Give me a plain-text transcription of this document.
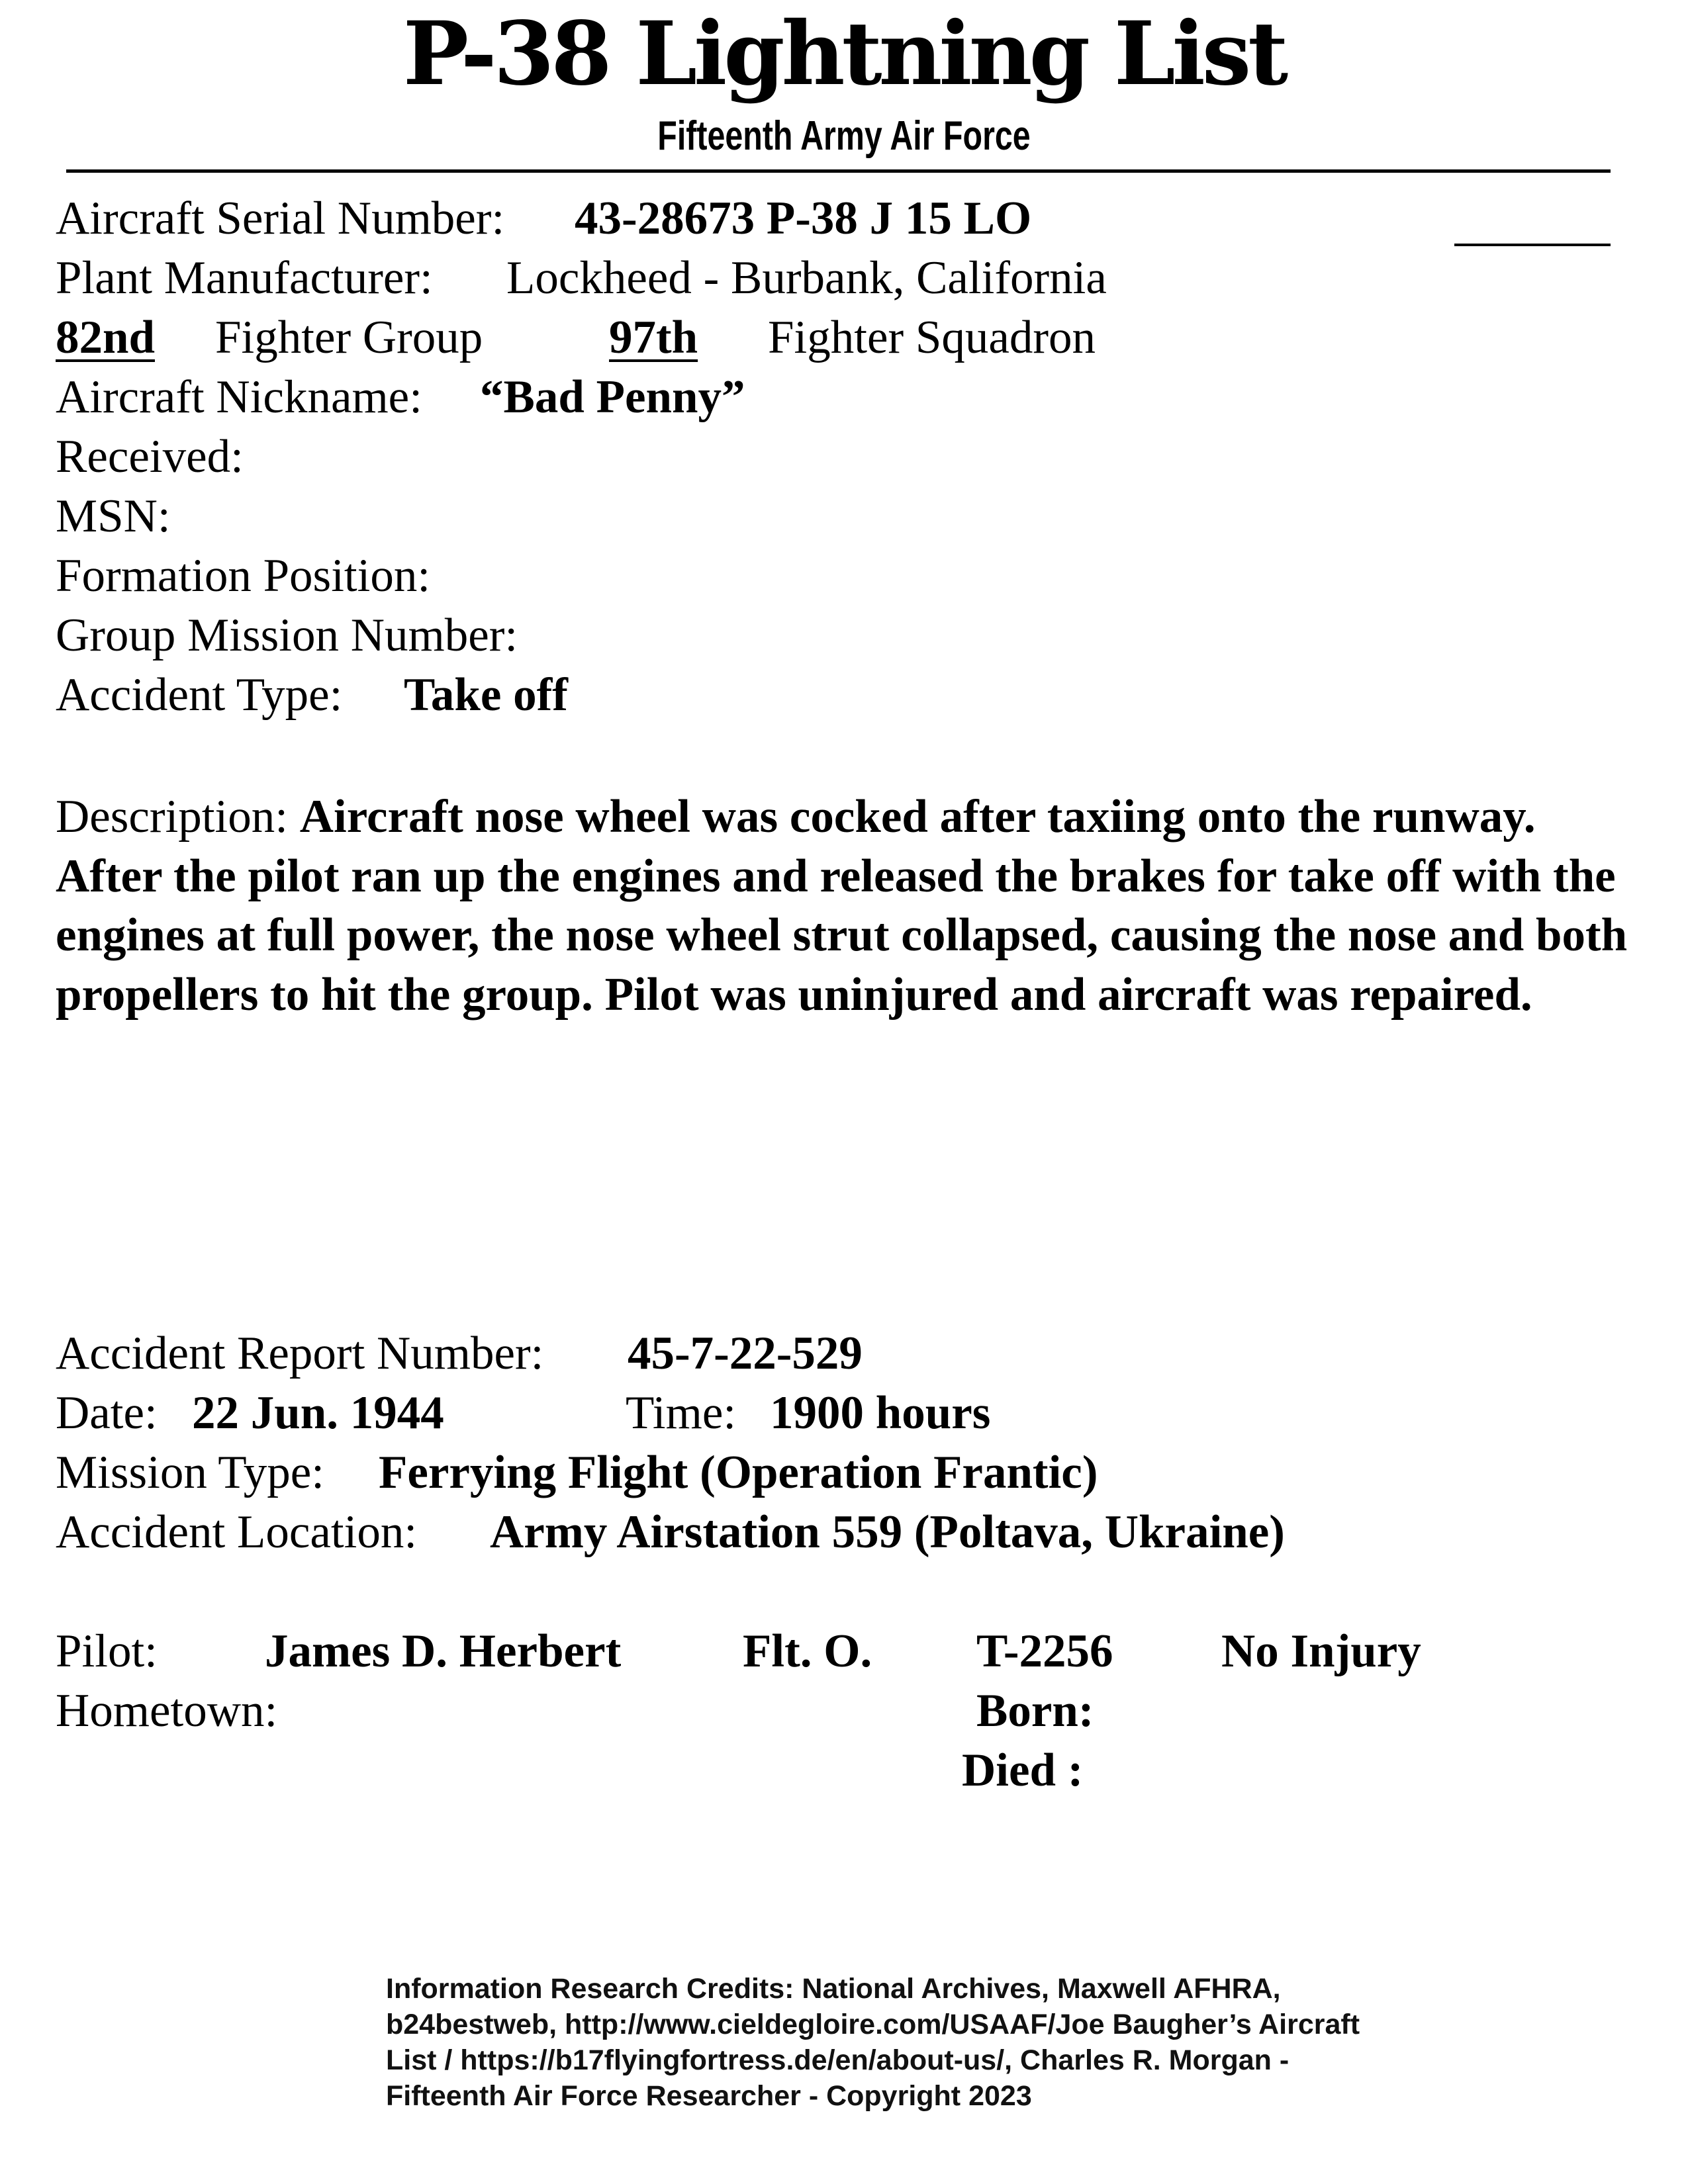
P-38 Lightning List
Fifteenth Army Air Force
Aircraft Serial Number: 43-28673 P-38 J 15 LO
Plant Manufacturer: Lockheed - Burbank, California
82nd	Fighter Group	97th	Fighter Squadron
Aircraft Nickname: “Bad Penny”
Received:
MSN:
Formation Position:
Group Mission Number:
Accident Type: Take off
Description: Aircraft nose wheel was cocked after taxiing onto the runway. After the pilot ran up the engines and released the brakes for take off with the engines at full power, the nose wheel strut collapsed, causing the nose and both propellers to hit the group. Pilot was uninjured and aircraft was repaired.
Accident Report Number: 45-7-22-529
Date: 22 Jun. 1944	Time: 1900 hours
Mission Type: Ferrying Flight (Operation Frantic)
Accident Location: Army Airstation 559 (Poltava, Ukraine)
Pilot: James D. Herbert	Flt. O. T-2256 No Injury
Hometown:	Born:
Died :
Information Research Credits: National Archives, Maxwell AFHRA, b24bestweb, http://www.cieldegloire.com/USAAF/Joe Baugher’s Aircraft List / https://b17flyingfortress.de/en/about-us/, Charles R. Morgan - Fifteenth Air Force Researcher - Copyright 2023
